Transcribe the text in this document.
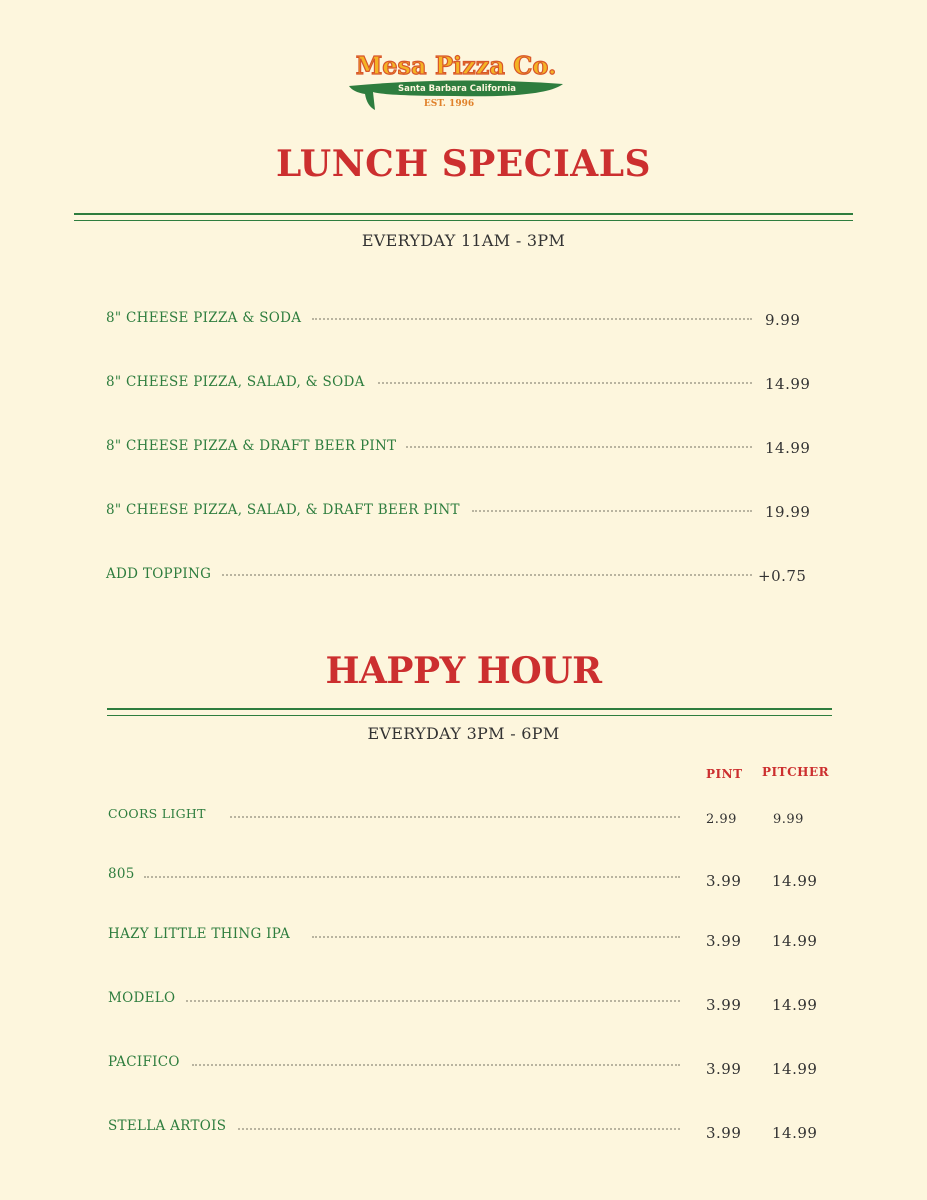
Mesa Pizza Co.
Santa Barbara California
EST. 1996
LUNCH SPECIALS
EVERYDAY 11AM - 3PM
8" CHEESE PIZZA & SODA	9.99
8" CHEESE PIZZA, SALAD, & SODA	14.99
8" CHEESE PIZZA & DRAFT BEER PINT	14.99
8" CHEESE PIZZA, SALAD, & DRAFT BEER PINT	19.99
ADD TOPPING	+0.75
HAPPY HOUR
EVERYDAY 3PM - 6PM
PINT PITCHER
COORS LIGHT	2.99	9.99
805	3.99 14.99
HAZY LITTLE THING IPA	3.99 14.99
MODELO	3.99 14.99
PACIFICO	3.99 14.99
STELLA ARTOIS	3.99 14.99
